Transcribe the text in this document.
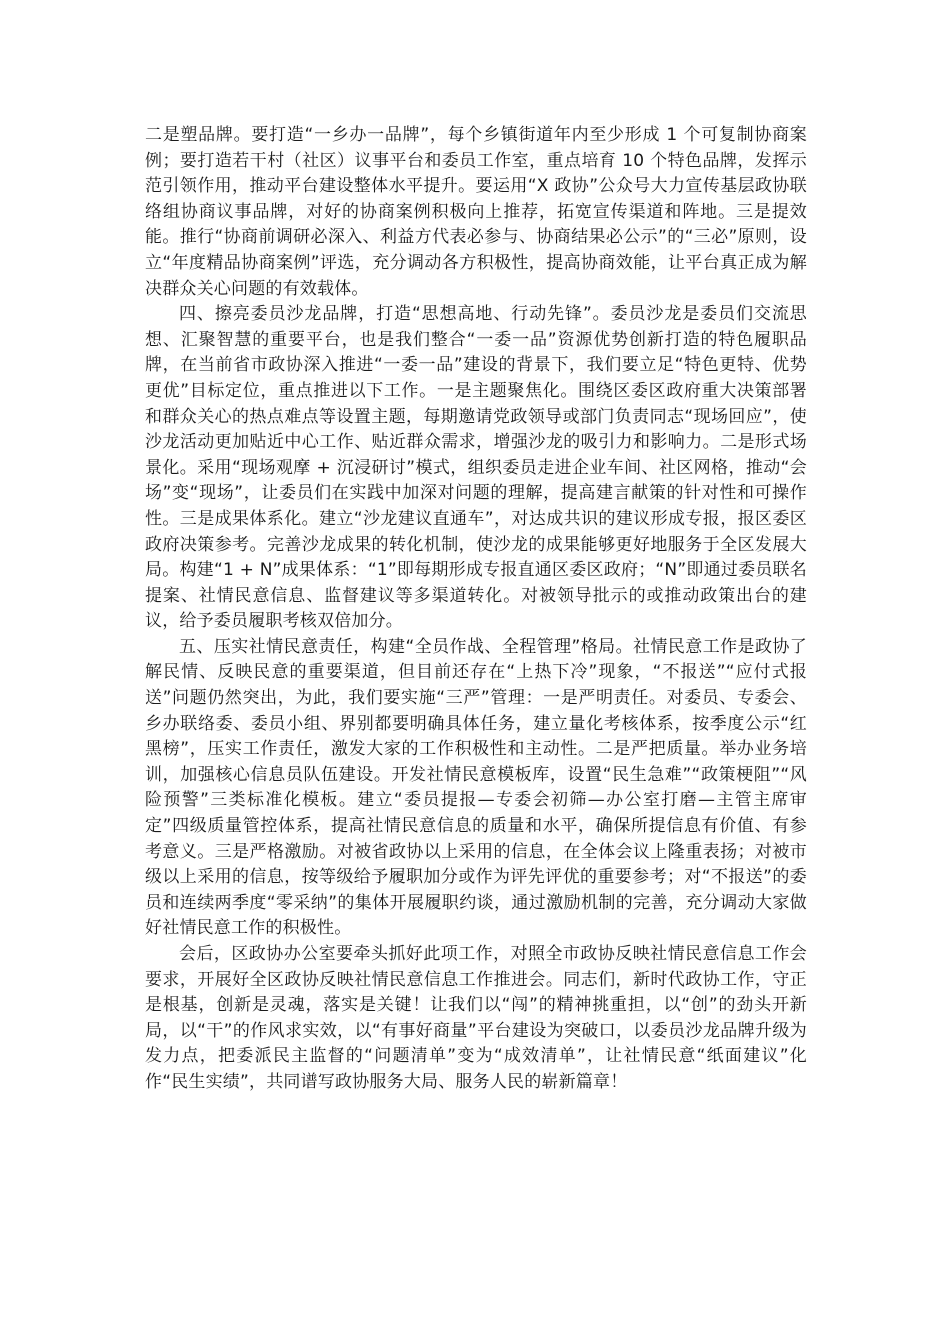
二是塑品牌。要打造“一乡办一品牌”，每个乡镇街道年内至少形成 1 个可复制协商案例；要打造若干村（社区）议事平台和委员工作室，重点培育 10 个特色品牌，发挥示范引领作用，推动平台建设整体水平提升。要运用“X 政协”公众号大力宣传基层政协联络组协商议事品牌，对好的协商案例积极向上推荐，拓宽宣传渠道和阵地。三是提效能。推行“协商前调研必深入、利益方代表必参与、协商结果必公示”的“三必”原则，设立“年度精品协商案例”评选，充分调动各方积极性，提高协商效能，让平台真正成为解决群众关心问题的有效载体。

四、擦亮委员沙龙品牌，打造“思想高地、行动先锋”。委员沙龙是委员们交流思想、汇聚智慧的重要平台，也是我们整合“一委一品”资源优势创新打造的特色履职品牌，在当前省市政协深入推进“一委一品”建设的背景下，我们要立足“特色更特、优势更优”目标定位，重点推进以下工作。一是主题聚焦化。围绕区委区政府重大决策部署和群众关心的热点难点等设置主题，每期邀请党政领导或部门负责同志“现场回应”，使沙龙活动更加贴近中心工作、贴近群众需求，增强沙龙的吸引力和影响力。二是形式场景化。采用“现场观摩 + 沉浸研讨”模式，组织委员走进企业车间、社区网格，推动“会场”变“现场”，让委员们在实践中加深对问题的理解，提高建言献策的针对性和可操作性。三是成果体系化。建立“沙龙建议直通车”，对达成共识的建议形成专报，报区委区政府决策参考。完善沙龙成果的转化机制，使沙龙的成果能够更好地服务于全区发展大局。构建“1 + N”成果体系：“1”即每期形成专报直通区委区政府；“N”即通过委员联名提案、社情民意信息、监督建议等多渠道转化。对被领导批示的或推动政策出台的建议，给予委员履职考核双倍加分。

五、压实社情民意责任，构建“全员作战、全程管理”格局。社情民意工作是政协了解民情、反映民意的重要渠道，但目前还存在“上热下冷”现象，“不报送”“应付式报送”问题仍然突出，为此，我们要实施“三严”管理：一是严明责任。对委员、专委会、乡办联络委、委员小组、界别都要明确具体任务，建立量化考核体系，按季度公示“红黑榜”，压实工作责任，激发大家的工作积极性和主动性。二是严把质量。举办业务培训，加强核心信息员队伍建设。开发社情民意模板库，设置“民生急难”“政策梗阻”“风险预警”三类标准化模板。建立“委员提报—专委会初筛—办公室打磨—主管主席审定”四级质量管控体系，提高社情民意信息的质量和水平，确保所提信息有价值、有参考意义。三是严格激励。对被省政协以上采用的信息，在全体会议上隆重表扬；对被市级以上采用的信息，按等级给予履职加分或作为评先评优的重要参考；对“不报送”的委员和连续两季度“零采纳”的集体开展履职约谈，通过激励机制的完善，充分调动大家做好社情民意工作的积极性。

会后，区政协办公室要牵头抓好此项工作，对照全市政协反映社情民意信息工作会要求，开展好全区政协反映社情民意信息工作推进会。同志们，新时代政协工作，守正是根基，创新是灵魂，落实是关键！让我们以“闯”的精神挑重担，以“创”的劲头开新局，以“干”的作风求实效，以“有事好商量”平台建设为突破口，以委员沙龙品牌升级为发力点，把委派民主监督的“问题清单”变为“成效清单”，让社情民意“纸面建议”化作“民生实绩”，共同谱写政协服务大局、服务人民的崭新篇章！
